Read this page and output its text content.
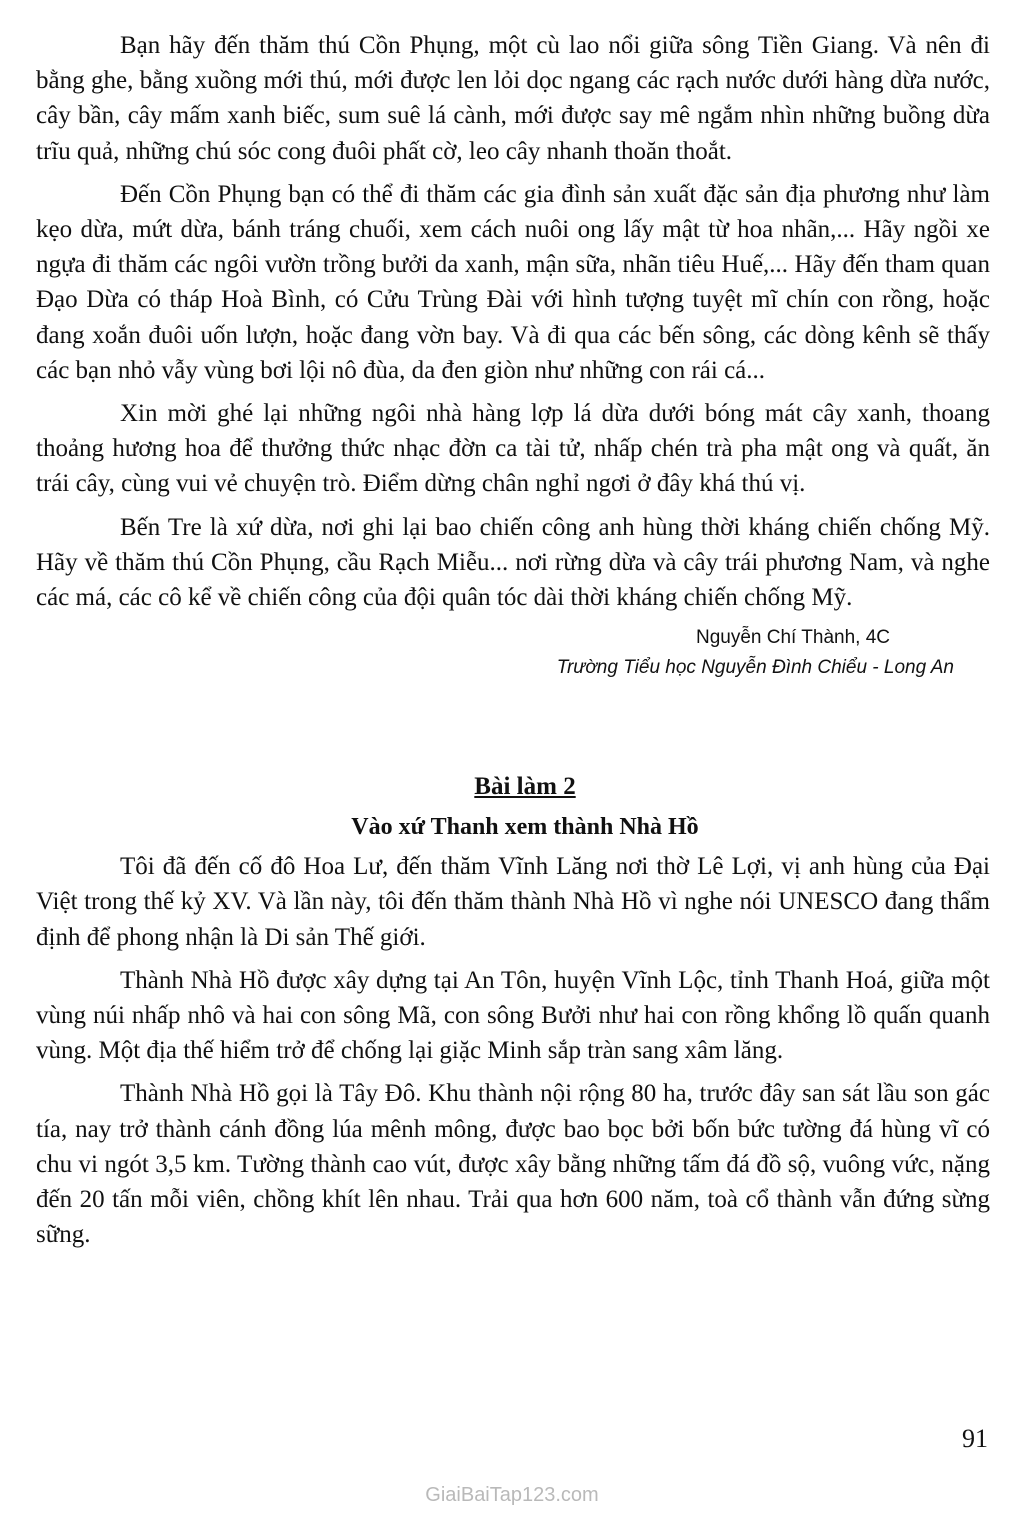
Bạn hãy đến thăm thú Cồn Phụng, một cù lao nổi giữa sông Tiền Giang. Và nên đi bằng ghe, bằng xuồng mới thú, mới được len lỏi dọc ngang các rạch nước dưới hàng dừa nước, cây bần, cây mấm xanh biếc, sum suê lá cành, mới được say mê ngắm nhìn những buồng dừa trĩu quả, những chú sóc cong đuôi phất cờ, leo cây nhanh thoăn thoắt.

Đến Cồn Phụng bạn có thể đi thăm các gia đình sản xuất đặc sản địa phương như làm kẹo dừa, mứt dừa, bánh tráng chuối, xem cách nuôi ong lấy mật từ hoa nhãn,... Hãy ngồi xe ngựa đi thăm các ngôi vườn trồng bưởi da xanh, mận sữa, nhãn tiêu Huế,... Hãy đến tham quan Đạo Dừa có tháp Hoà Bình, có Cửu Trùng Đài với hình tượng tuyệt mĩ chín con rồng, hoặc đang xoắn đuôi uốn lượn, hoặc đang vờn bay. Và đi qua các bến sông, các dòng kênh sẽ thấy các bạn nhỏ vẫy vùng bơi lội nô đùa, da đen giòn như những con rái cá...

Xin mời ghé lại những ngôi nhà hàng lợp lá dừa dưới bóng mát cây xanh, thoang thoảng hương hoa để thưởng thức nhạc đờn ca tài tử, nhấp chén trà pha mật ong và quất, ăn trái cây, cùng vui vẻ chuyện trò. Điểm dừng chân nghỉ ngơi ở đây khá thú vị.

Bến Tre là xứ dừa, nơi ghi lại bao chiến công anh hùng thời kháng chiến chống Mỹ. Hãy về thăm thú Cồn Phụng, cầu Rạch Miễu... nơi rừng dừa và cây trái phương Nam, và nghe các má, các cô kể về chiến công của đội quân tóc dài thời kháng chiến chống Mỹ.

Nguyễn Chí Thành, 4C

Trường Tiểu học Nguyễn Đình Chiểu - Long An

Bài làm 2
Vào xứ Thanh xem thành Nhà Hồ

Tôi đã đến cố đô Hoa Lư, đến thăm Vĩnh Lăng nơi thờ Lê Lợi, vị anh hùng của Đại Việt trong thế kỷ XV. Và lần này, tôi đến thăm thành Nhà Hồ vì nghe nói UNESCO đang thẩm định để phong nhận là Di sản Thế giới.

Thành Nhà Hồ được xây dựng tại An Tôn, huyện Vĩnh Lộc, tỉnh Thanh Hoá, giữa một vùng núi nhấp nhô và hai con sông Mã, con sông Bưởi như hai con rồng khổng lồ quấn quanh vùng. Một địa thế hiểm trở để chống lại giặc Minh sắp tràn sang xâm lăng.

Thành Nhà Hồ gọi là Tây Đô. Khu thành nội rộng 80 ha, trước đây san sát lầu son gác tía, nay trở thành cánh đồng lúa mênh mông, được bao bọc bởi bốn bức tường đá hùng vĩ có chu vi ngót 3,5 km. Tường thành cao vút, được xây bằng những tấm đá đồ sộ, vuông vức, nặng đến 20 tấn mỗi viên, chồng khít lên nhau. Trải qua hơn 600 năm, toà cổ thành vẫn đứng sừng sững.

91
GiaiBaiTap123.com
